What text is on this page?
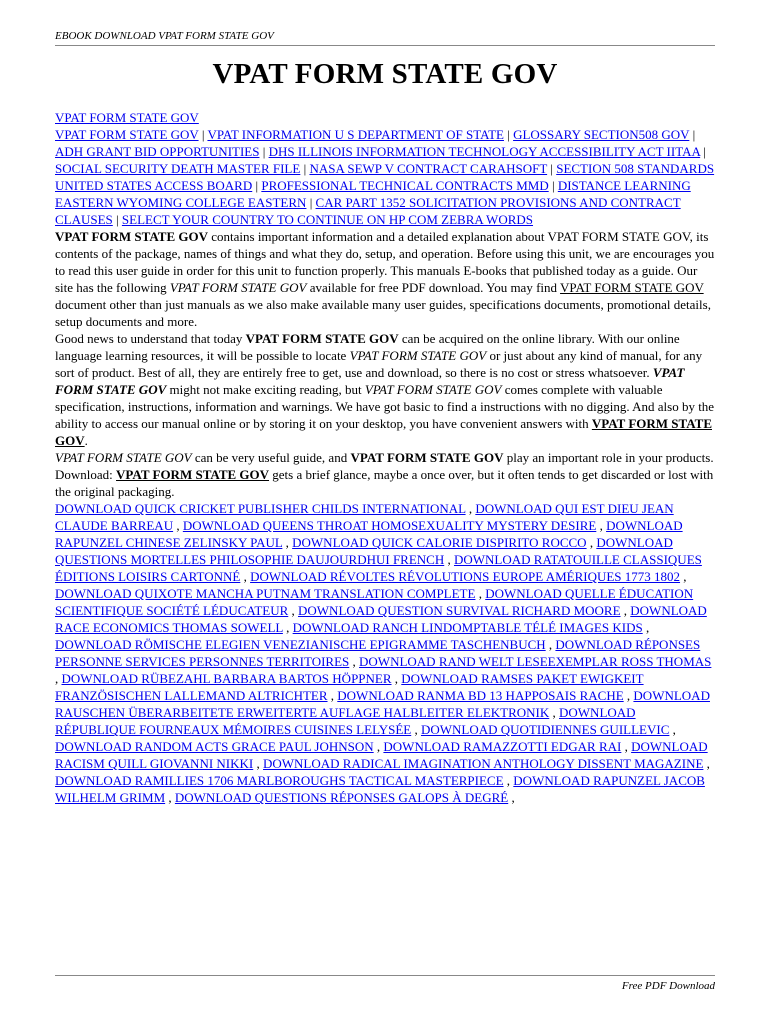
EBOOK DOWNLOAD VPAT FORM STATE GOV
VPAT FORM STATE GOV

VPAT FORM STATE GOV

VPAT FORM STATE GOV | VPAT INFORMATION U S DEPARTMENT OF STATE | GLOSSARY SECTION508 GOV | ADH GRANT BID OPPORTUNITIES | DHS ILLINOIS INFORMATION TECHNOLOGY ACCESSIBILITY ACT IITAA | SOCIAL SECURITY DEATH MASTER FILE | NASA SEWP V CONTRACT CARAHSOFT | SECTION 508 STANDARDS UNITED STATES ACCESS BOARD | PROFESSIONAL TECHNICAL CONTRACTS MMD | DISTANCE LEARNING EASTERN WYOMING COLLEGE EASTERN | CAR PART 1352 SOLICITATION PROVISIONS AND CONTRACT CLAUSES | SELECT YOUR COUNTRY TO CONTINUE ON HP COM ZEBRA WORDS

VPAT FORM STATE GOV contains important information and a detailed explanation about VPAT FORM STATE GOV, its contents of the package, names of things and what they do, setup, and operation. Before using this unit, we are encourages you to read this user guide in order for this unit to function properly. This manuals E-books that published today as a guide. Our site has the following VPAT FORM STATE GOV available for free PDF download. You may find VPAT FORM STATE GOV document other than just manuals as we also make available many user guides, specifications documents, promotional details, setup documents and more.

Good news to understand that today VPAT FORM STATE GOV can be acquired on the online library. With our online language learning resources, it will be possible to locate VPAT FORM STATE GOV or just about any kind of manual, for any sort of product. Best of all, they are entirely free to get, use and download, so there is no cost or stress whatsoever. VPAT FORM STATE GOV might not make exciting reading, but VPAT FORM STATE GOV comes complete with valuable specification, instructions, information and warnings. We have got basic to find a instructions with no digging. And also by the ability to access our manual online or by storing it on your desktop, you have convenient answers with VPAT FORM STATE GOV.

VPAT FORM STATE GOV can be very useful guide, and VPAT FORM STATE GOV play an important role in your products. Download: VPAT FORM STATE GOV gets a brief glance, maybe a once over, but it often tends to get discarded or lost with the original packaging.

DOWNLOAD QUICK CRICKET PUBLISHER CHILDS INTERNATIONAL , DOWNLOAD QUI EST DIEU JEAN CLAUDE BARREAU , DOWNLOAD QUEENS THROAT HOMOSEXUALITY MYSTERY DESIRE , DOWNLOAD RAPUNZEL CHINESE ZELINSKY PAUL , DOWNLOAD QUICK CALORIE DISPIRITO ROCCO , DOWNLOAD QUESTIONS MORTELLES PHILOSOPHIE DAUJOURDHUI FRENCH , DOWNLOAD RATATOUILLE CLASSIQUES ÉDITIONS LOISIRS CARTONNÉ , DOWNLOAD RÉVOLTES RÉVOLUTIONS EUROPE AMÉRIQUES 1773 1802 , DOWNLOAD QUIXOTE MANCHA PUTNAM TRANSLATION COMPLETE , DOWNLOAD QUELLE ÉDUCATION SCIENTIFIQUE SOCIÉTÉ LÉDUCATEUR , DOWNLOAD QUESTION SURVIVAL RICHARD MOORE , DOWNLOAD RACE ECONOMICS THOMAS SOWELL , DOWNLOAD RANCH LINDOMPTABLE TÉLÉ IMAGES KIDS , DOWNLOAD RÖMISCHE ELEGIEN VENEZIANISCHE EPIGRAMME TASCHENBUCH , DOWNLOAD RÉPONSES PERSONNE SERVICES PERSONNES TERRITOIRES , DOWNLOAD RAND WELT LESEEXEMPLAR ROSS THOMAS , DOWNLOAD RÜBEZAHL BARBARA BARTOS HÖPPNER , DOWNLOAD RAMSES PAKET EWIGKEIT FRANZÖSISCHEN LALLEMAND ALTRICHTER , DOWNLOAD RANMA BD 13 HAPPOSAIS RACHE , DOWNLOAD RAUSCHEN ÜBERARBEITETE ERWEITERTE AUFLAGE HALBLEITER ELEKTRONIK , DOWNLOAD RÉPUBLIQUE FOURNEAUX MÉMOIRES CUISINES LELYSÉE , DOWNLOAD QUOTIDIENNES GUILLEVIC , DOWNLOAD RANDOM ACTS GRACE PAUL JOHNSON , DOWNLOAD RAMAZZOTTI EDGAR RAI , DOWNLOAD RACISM QUILL GIOVANNI NIKKI , DOWNLOAD RADICAL IMAGINATION ANTHOLOGY DISSENT MAGAZINE , DOWNLOAD RAMILLIES 1706 MARLBOROUGHS TACTICAL MASTERPIECE , DOWNLOAD RAPUNZEL JACOB WILHELM GRIMM , DOWNLOAD QUESTIONS RÉPONSES GALOPS À DEGRÉ ,

Free PDF Download
